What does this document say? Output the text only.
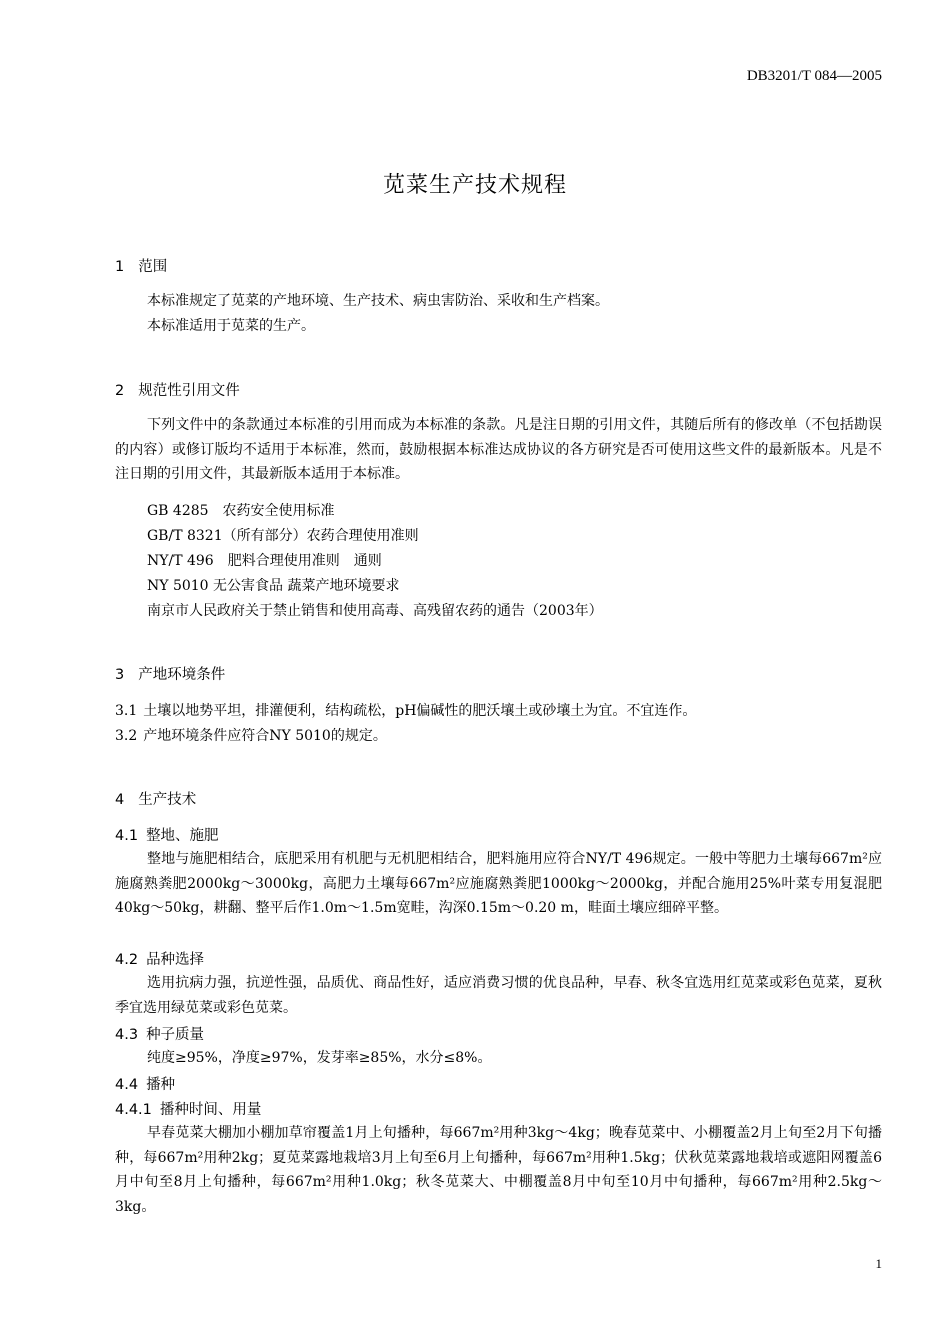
DB3201/T 084—2005
苋菜生产技术规程
1 范围
本标准规定了苋菜的产地环境、生产技术、病虫害防治、采收和生产档案。
本标准适用于苋菜的生产。
2 规范性引用文件
下列文件中的条款通过本标准的引用而成为本标准的条款。凡是注日期的引用文件，其随后所有的修改单（不包括勘误的内容）或修订版均不适用于本标准，然而，鼓励根据本标准达成协议的各方研究是否可使用这些文件的最新版本。凡是不注日期的引用文件，其最新版本适用于本标准。
GB 4285　农药安全使用标准
GB/T 8321（所有部分）农药合理使用准则
NY/T 496　肥料合理使用准则　通则
NY 5010 无公害食品 蔬菜产地环境要求
南京市人民政府关于禁止销售和使用高毒、高残留农药的通告（2003年）
3 产地环境条件
3.1 土壤以地势平坦，排灌便利，结构疏松，pH偏碱性的肥沃壤土或砂壤土为宜。不宜连作。
3.2 产地环境条件应符合NY 5010的规定。
4 生产技术
4.1 整地、施肥
整地与施肥相结合，底肥采用有机肥与无机肥相结合，肥料施用应符合NY/T 496规定。一般中等肥力土壤每667m²应施腐熟粪肥2000kg～3000kg，高肥力土壤每667m²应施腐熟粪肥1000kg～2000kg，并配合施用25%叶菜专用复混肥 40kg～50kg，耕翻、整平后作1.0m～1.5m宽畦，沟深0.15m～0.20 m，畦面土壤应细碎平整。
4.2 品种选择
选用抗病力强，抗逆性强，品质优、商品性好，适应消费习惯的优良品种，早春、秋冬宜选用红苋菜或彩色苋菜，夏秋季宜选用绿苋菜或彩色苋菜。
4.3 种子质量
纯度≥95%，净度≥97%，发芽率≥85%，水分≤8%。
4.4 播种
4.4.1 播种时间、用量
早春苋菜大棚加小棚加草帘覆盖1月上旬播种，每667m²用种3kg～4kg；晚春苋菜中、小棚覆盖2月上旬至2月下旬播种，每667m²用种2kg；夏苋菜露地栽培3月上旬至6月上旬播种，每667m²用种1.5kg；伏秋苋菜露地栽培或遮阳网覆盖6月中旬至8月上旬播种，每667m²用种1.0kg；秋冬苋菜大、中棚覆盖8月中旬至10月中旬播种，每667m²用种2.5kg～3kg。
1
